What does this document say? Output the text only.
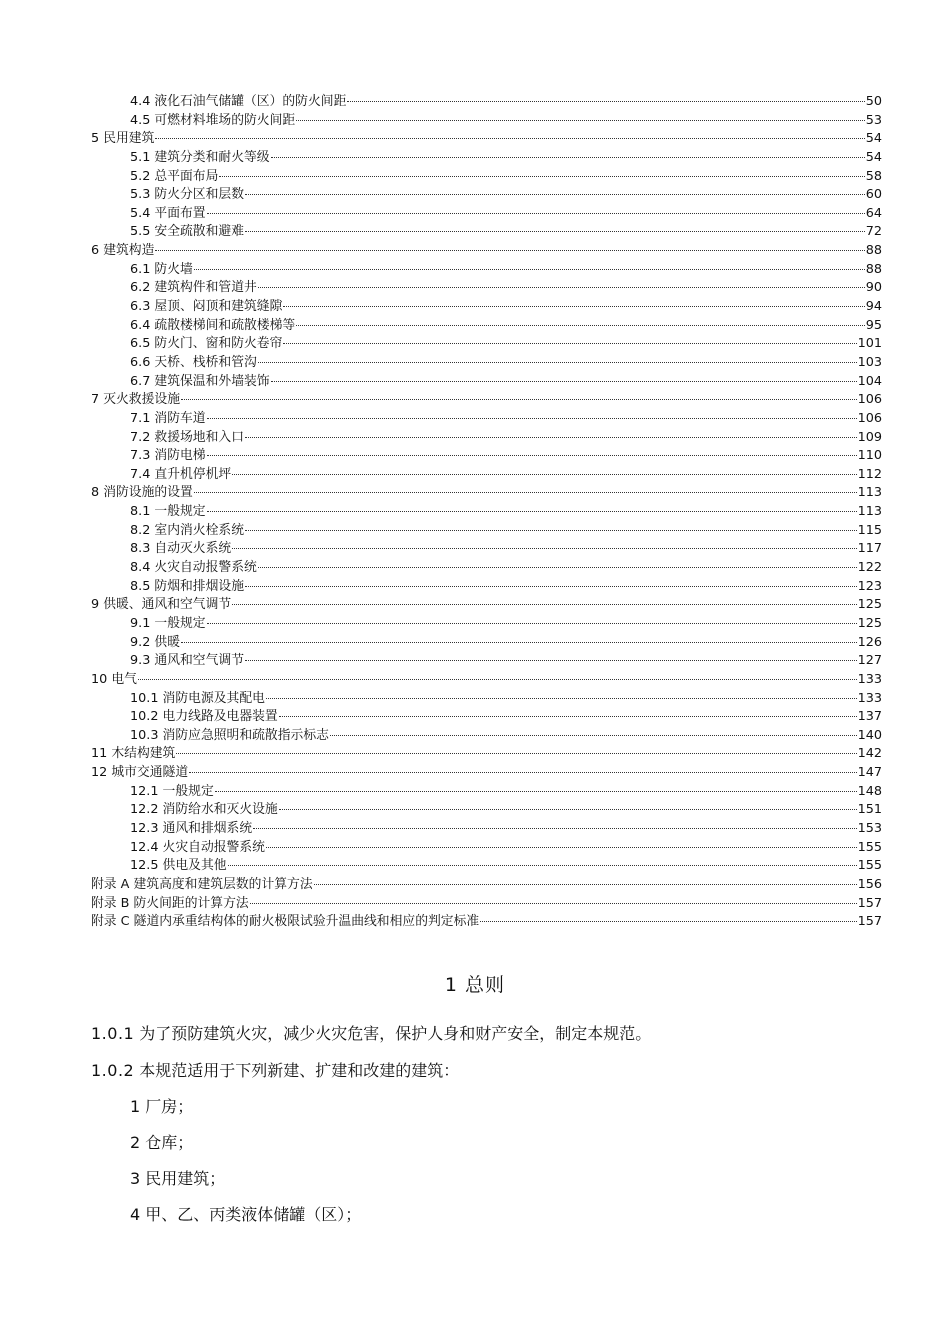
4.4 液化石油气储罐（区）的防火间距	50
4.5 可燃材料堆场的防火间距	53
5 民用建筑	54
5.1 建筑分类和耐火等级	54
5.2 总平面布局	58
5.3 防火分区和层数	60
5.4 平面布置	64
5.5 安全疏散和避难	72
6 建筑构造	88
6.1 防火墙	88
6.2 建筑构件和管道井	90
6.3 屋顶、闷顶和建筑缝隙	94
6.4 疏散楼梯间和疏散楼梯等	95
6.5 防火门、窗和防火卷帘	101
6.6 天桥、栈桥和管沟	103
6.7 建筑保温和外墙装饰	104
7 灭火救援设施	106
7.1 消防车道	106
7.2 救援场地和入口	109
7.3 消防电梯	110
7.4 直升机停机坪	112
8 消防设施的设置	113
8.1 一般规定	113
8.2 室内消火栓系统	115
8.3 自动灭火系统	117
8.4 火灾自动报警系统	122
8.5 防烟和排烟设施	123
9 供暖、通风和空气调节	125
9.1 一般规定	125
9.2 供暖	126
9.3 通风和空气调节	127
10 电气	133
10.1 消防电源及其配电	133
10.2 电力线路及电器装置	137
10.3 消防应急照明和疏散指示标志	140
11 木结构建筑	142
12 城市交通隧道	147
12.1 一般规定	148
12.2 消防给水和灭火设施	151
12.3 通风和排烟系统	153
12.4 火灾自动报警系统	155
12.5 供电及其他	155
附录 A 建筑高度和建筑层数的计算方法	156
附录 B 防火间距的计算方法	157
附录 C 隧道内承重结构体的耐火极限试验升温曲线和相应的判定标准	157
1 总则
1.0.1 为了预防建筑火灾，减少火灾危害，保护人身和财产安全，制定本规范。
1.0.2 本规范适用于下列新建、扩建和改建的建筑：
1 厂房；
2 仓库；
3 民用建筑；
4 甲、乙、丙类液体储罐（区）；
